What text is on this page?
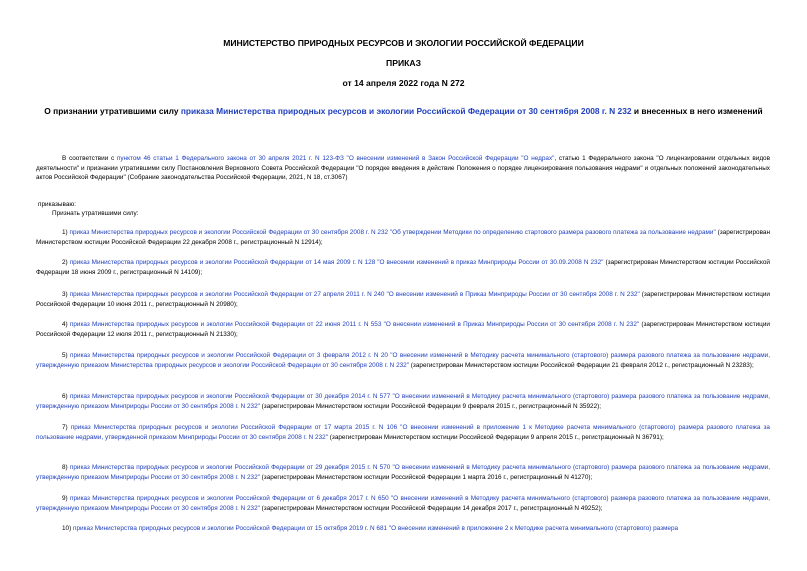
МИНИСТЕРСТВО ПРИРОДНЫХ РЕСУРСОВ И ЭКОЛОГИИ РОССИЙСКОЙ ФЕДЕРАЦИИ
ПРИКАЗ
от 14 апреля 2022 года N 272
О признании утратившими силу приказа Министерства природных ресурсов и экологии Российской Федерации от 30 сентября 2008 г. N 232 и внесенных в него изменений
В соответствии с пунктом 46 статьи 1 Федерального закона от 30 апреля 2021 г. N 123-ФЗ "О внесении изменений в Закон Российской Федерации "О недрах", статью 1 Федерального закона "О лицензировании отдельных видов деятельности" и признании утратившими силу Постановления Верховного Совета Российской Федерации "О порядке введения в действие Положения о порядке лицензирования пользования недрами" и отдельных положений законодательных актов Российской Федерации" (Собрание законодательства Российской Федерации, 2021, N 18, ст.3067)
приказываю:
Признать утратившими силу:
1) приказ Министерства природных ресурсов и экологии Российской Федерации от 30 сентября 2008 г. N 232 "Об утверждении Методики по определению стартового размера разового платежа за пользование недрами" (зарегистрирован Министерством юстиции Российской Федерации 22 декабря 2008 г., регистрационный N 12914);
2) приказ Министерства природных ресурсов и экологии Российской Федерации от 14 мая 2009 г. N 128 "О внесении изменений в приказ Минприроды России от 30.09.2008 N 232" (зарегистрирован Министерством юстиции Российской Федерации 18 июня 2009 г., регистрационный N 14109);
3) приказ Министерства природных ресурсов и экологии Российской Федерации от 27 апреля 2011 г. N 240 "О внесении изменений в Приказ Минприроды России от 30 сентября 2008 г. N 232" (зарегистрирован Министерством юстиции Российской Федерации 10 июня 2011 г., регистрационный N 20980);
4) приказ Министерства природных ресурсов и экологии Российской Федерации от 22 июня 2011 г. N 553 "О внесении изменений в Приказ Минприроды России от 30 сентября 2008 г. N 232" (зарегистрирован Министерством юстиции Российской Федерации 12 июля 2011 г., регистрационный N 21330);
5) приказ Министерства природных ресурсов и экологии Российской Федерации от 3 февраля 2012 г. N 20 "О внесении изменений в Методику расчета минимального (стартового) размера разового платежа за пользование недрами, утвержденную приказом Министерства природных ресурсов и экологии Российской Федерации от 30 сентября 2008 г. N 232" (зарегистрирован Министерством юстиции Российской Федерации 21 февраля 2012 г., регистрационный N 23283);
6) приказ Министерства природных ресурсов и экологии Российской Федерации от 30 декабря 2014 г. N 577 "О внесении изменений в Методику расчета минимального (стартового) размера разового платежа за пользование недрами, утвержденную приказом Минприроды России от 30 сентября 2008 г. N 232" (зарегистрирован Министерством юстиции Российской Федерации 9 февраля 2015 г., регистрационный N 35922);
7) приказ Министерства природных ресурсов и экологии Российской Федерации от 17 марта 2015 г. N 106 "О внесении изменений в приложение 1 к Методике расчета минимального (стартового) размера разового платежа за пользование недрами, утвержденной приказом Минприроды России от 30 сентября 2008 г. N 232" (зарегистрирован Министерством юстиции Российской Федерации 9 апреля 2015 г., регистрационный N 36791);
8) приказ Министерства природных ресурсов и экологии Российской Федерации от 29 декабря 2015 г. N 570 "О внесении изменений в Методику расчета минимального (стартового) размера разового платежа за пользование недрами, утвержденную приказом Минприроды России от 30 сентября 2008 г. N 232" (зарегистрирован Министерством юстиции Российской Федерации 1 марта 2016 г., регистрационный N 41270);
9) приказ Министерства природных ресурсов и экологии Российской Федерации от 6 декабря 2017 г. N 650 "О внесении изменений в Методику расчета минимального (стартового) размера разового платежа за пользование недрами, утвержденную приказом Минприроды России от 30 сентября 2008 г. N 232" (зарегистрирован Министерством юстиции Российской Федерации 14 декабря 2017 г., регистрационный N 49252);
10) приказ Министерства природных ресурсов и экологии Российской Федерации от 15 октября 2019 г. N 681 "О внесении изменений в приложение 2 к Методике расчета минимального (стартового) размера
